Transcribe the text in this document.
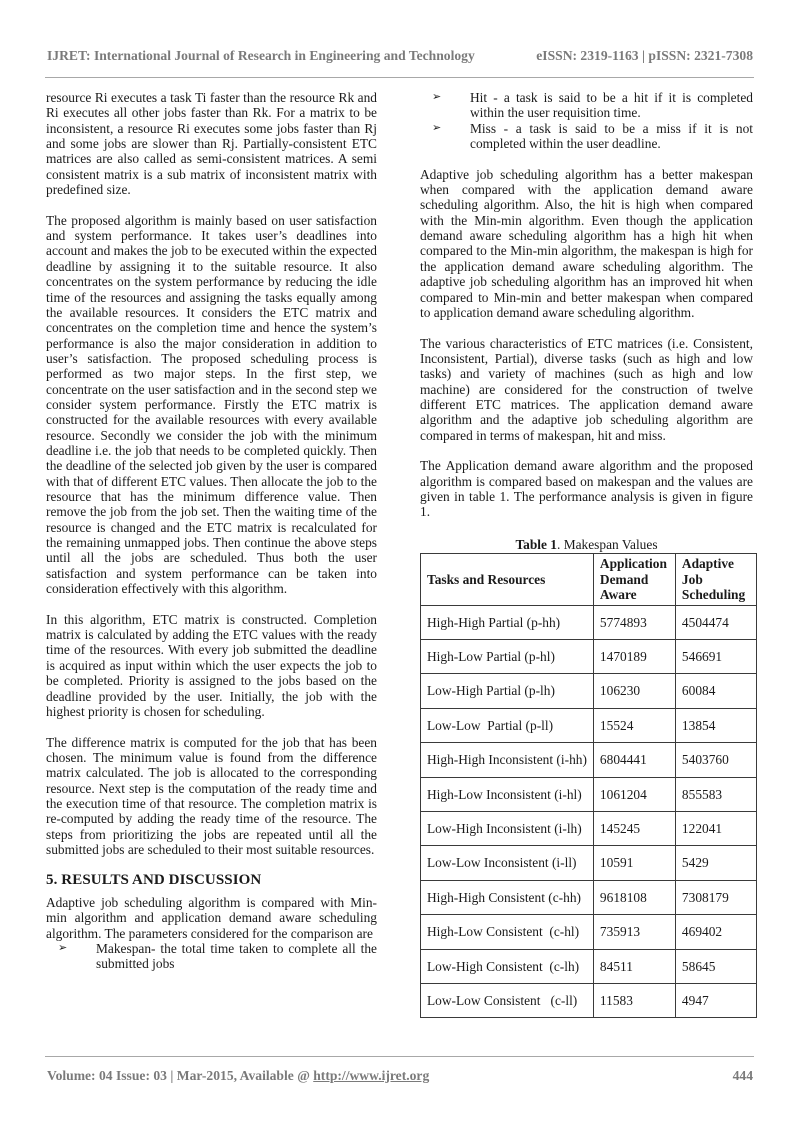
IJRET: International Journal of Research in Engineering and Technology	eISSN: 2319-1163 | pISSN: 2321-7308

resource Ri executes a task Ti faster than the resource Rk and Ri executes all other jobs faster than Rk. For a matrix to be inconsistent, a resource Ri executes some jobs faster than Rj and some jobs are slower than Rj. Partially-consistent ETC matrices are also called as semi-consistent matrices. A semi consistent matrix is a sub matrix of inconsistent matrix with predefined size.

The proposed algorithm is mainly based on user satisfaction and system performance. It takes user’s deadlines into account and makes the job to be executed within the expected deadline by assigning it to the suitable resource. It also concentrates on the system performance by reducing the idle time of the resources and assigning the tasks equally among the available resources. It considers the ETC matrix and concentrates on the completion time and hence the system’s performance is also the major consideration in addition to user’s satisfaction. The proposed scheduling process is performed as two major steps. In the first step, we concentrate on the user satisfaction and in the second step we consider system performance. Firstly the ETC matrix is constructed for the available resources with every available resource. Secondly we consider the job with the minimum deadline i.e. the job that needs to be completed quickly. Then the deadline of the selected job given by the user is compared with that of different ETC values. Then allocate the job to the resource that has the minimum difference value. Then remove the job from the job set. Then the waiting time of the resource is changed and the ETC matrix is recalculated for the remaining unmapped jobs. Then continue the above steps until all the jobs are scheduled. Thus both the user satisfaction and system performance can be taken into consideration effectively with this algorithm.

In this algorithm, ETC matrix is constructed. Completion matrix is calculated by adding the ETC values with the ready time of the resources. With every job submitted the deadline is acquired as input within which the user expects the job to be completed. Priority is assigned to the jobs based on the deadline provided by the user. Initially, the job with the highest priority is chosen for scheduling.

The difference matrix is computed for the job that has been chosen. The minimum value is found from the difference matrix calculated. The job is allocated to the corresponding resource. Next step is the computation of the ready time and the execution time of that resource. The completion matrix is re-computed by adding the ready time of the resource. The steps from prioritizing the jobs are repeated until all the submitted jobs are scheduled to their most suitable resources.

5. RESULTS AND DISCUSSION

Adaptive job scheduling algorithm is compared with Min-min algorithm and application demand aware scheduling algorithm. The parameters considered for the comparison are

➢ Makespan- the total time taken to complete all the submitted jobs
➢ Hit - a task is said to be a hit if it is completed within the user requisition time.
➢ Miss - a task is said to be a miss if it is not completed within the user deadline.

Adaptive job scheduling algorithm has a better makespan when compared with the application demand aware scheduling algorithm. Also, the hit is high when compared with the Min-min algorithm. Even though the application demand aware scheduling algorithm has a high hit when compared to the Min-min algorithm, the makespan is high for the application demand aware scheduling algorithm. The adaptive job scheduling algorithm has an improved hit when compared to Min-min and better makespan when compared to application demand aware scheduling algorithm.

The various characteristics of ETC matrices (i.e. Consistent, Inconsistent, Partial), diverse tasks (such as high and low tasks) and variety of machines (such as high and low machine) are considered for the construction of twelve different ETC matrices. The application demand aware algorithm and the adaptive job scheduling algorithm are compared in terms of makespan, hit and miss.

The Application demand aware algorithm and the proposed algorithm is compared based on makespan and the values are given in table 1. The performance analysis is given in figure 1.

Table 1. Makespan Values
Tasks and Resources	Application Demand Aware	Adaptive Job Scheduling
High-High Partial (p-hh)	5774893	4504474
High-Low Partial (p-hl)	1470189	546691
Low-High Partial (p-lh)	106230	60084
Low-Low  Partial (p-ll)	15524	13854
High-High Inconsistent (i-hh)	6804441	5403760
High-Low Inconsistent (i-hl)	1061204	855583
Low-High Inconsistent (i-lh)	145245	122041
Low-Low Inconsistent (i-ll)	10591	5429
High-High Consistent (c-hh)	9618108	7308179
High-Low Consistent  (c-hl)	735913	469402
Low-High Consistent  (c-lh)	84511	58645
Low-Low Consistent   (c-ll)	11583	4947
Volume: 04 Issue: 03 | Mar-2015, Available @ http://www.ijret.org	444
